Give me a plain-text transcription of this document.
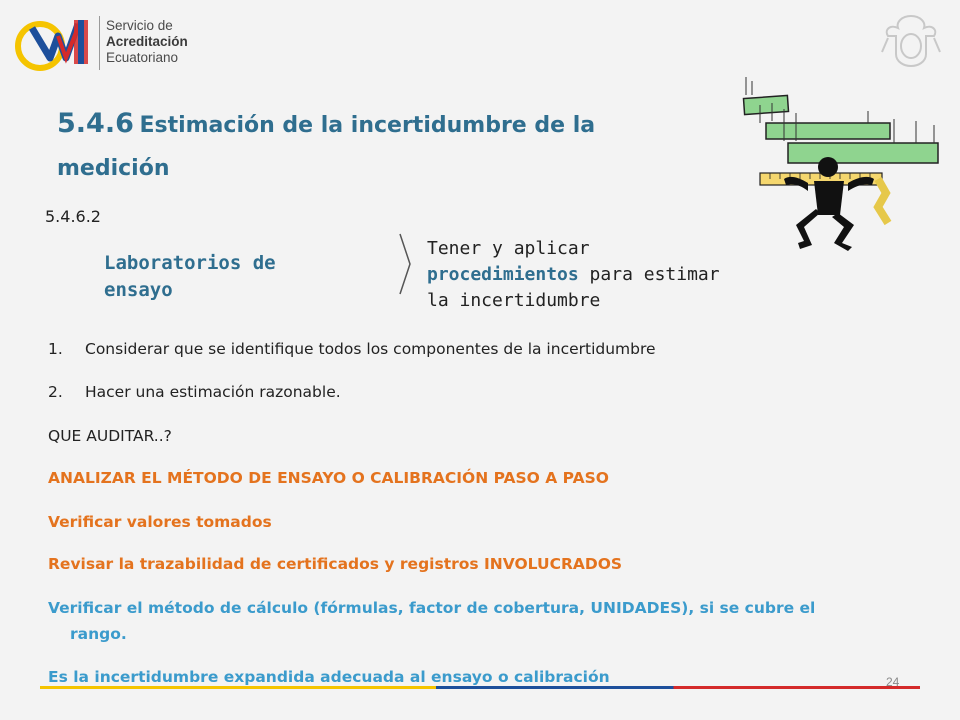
Servicio de
Acreditación
Ecuatoriano
5.4.6 Estimación de la incertidumbre de la medición
5.4.6.2
Laboratorios de
ensayo
Tener y aplicar
procedimientos para estimar
la incertidumbre
1. Considerar que se identifique todos los componentes de la incertidumbre
2. Hacer una estimación razonable.
QUE AUDITAR..?
ANALIZAR EL MÉTODO DE ENSAYO O CALIBRACIÓN PASO A PASO
Verificar valores tomados
Revisar la trazabilidad de certificados y registros INVOLUCRADOS
Verificar el método de cálculo (fórmulas, factor de cobertura, UNIDADES), si se cubre el
rango.
Es la incertidumbre expandida adecuada al ensayo o calibración	24
